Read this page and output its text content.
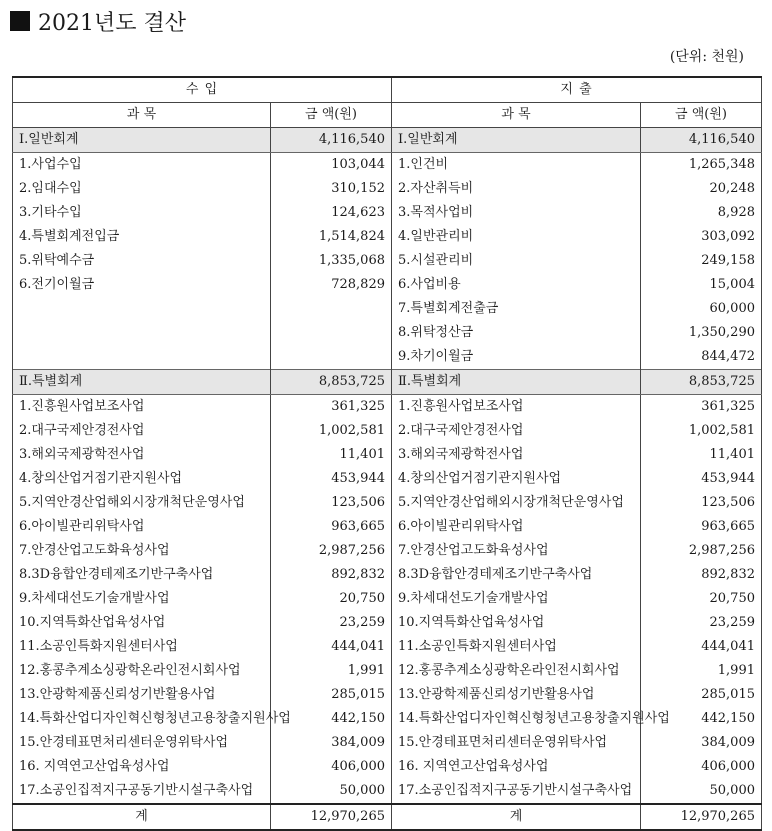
2021년도 결산
(단위: 천원)
수 입		지 출	
과 목	금 액(원)	과 목	금 액(원)
Ⅰ.일반회계	4,116,540	Ⅰ.일반회계	4,116,540
1.사업수입	103,044	1.인건비	1,265,348
2.임대수입	310,152	2.자산취득비	20,248
3.기타수입	124,623	3.목적사업비	8,928
4.특별회계전입금	1,514,824	4.일반관리비	303,092
5.위탁예수금	1,335,068	5.시설관리비	249,158
6.전기이월금	728,829	6.사업비용	15,004
		7.특별회계전출금	60,000
		8.위탁정산금	1,350,290
		9.차기이월금	844,472
Ⅱ.특별회계	8,853,725	Ⅱ.특별회계	8,853,725
1.진흥원사업보조사업	361,325	1.진흥원사업보조사업	361,325
2.대구국제안경전사업	1,002,581	2.대구국제안경전사업	1,002,581
3.해외국제광학전사업	11,401	3.해외국제광학전사업	11,401
4.창의산업거점기관지원사업	453,944	4.창의산업거점기관지원사업	453,944
5.지역안경산업해외시장개척단운영사업	123,506	5.지역안경산업해외시장개척단운영사업	123,506
6.아이빌관리위탁사업	963,665	6.아이빌관리위탁사업	963,665
7.안경산업고도화육성사업	2,987,256	7.안경산업고도화육성사업	2,987,256
8.3D융합안경테제조기반구축사업	892,832	8.3D융합안경테제조기반구축사업	892,832
9.차세대선도기술개발사업	20,750	9.차세대선도기술개발사업	20,750
10.지역특화산업육성사업	23,259	10.지역특화산업육성사업	23,259
11.소공인특화지원센터사업	444,041	11.소공인특화지원센터사업	444,041
12.홍콩추계소싱광학온라인전시회사업	1,991	12.홍콩추계소싱광학온라인전시회사업	1,991
13.안광학제품신뢰성기반활용사업	285,015	13.안광학제품신뢰성기반활용사업	285,015
14.특화산업디자인혁신형청년고용창출지원사업	442,150	14.특화산업디자인혁신형청년고용창출지원사업	442,150
15.안경테표면처리센터운영위탁사업	384,009	15.안경테표면처리센터운영위탁사업	384,009
16. 지역연고산업육성사업	406,000	16. 지역연고산업육성사업	406,000
17.소공인집적지구공동기반시설구축사업	50,000	17.소공인집적지구공동기반시설구축사업	50,000
계	12,970,265	계	12,970,265
